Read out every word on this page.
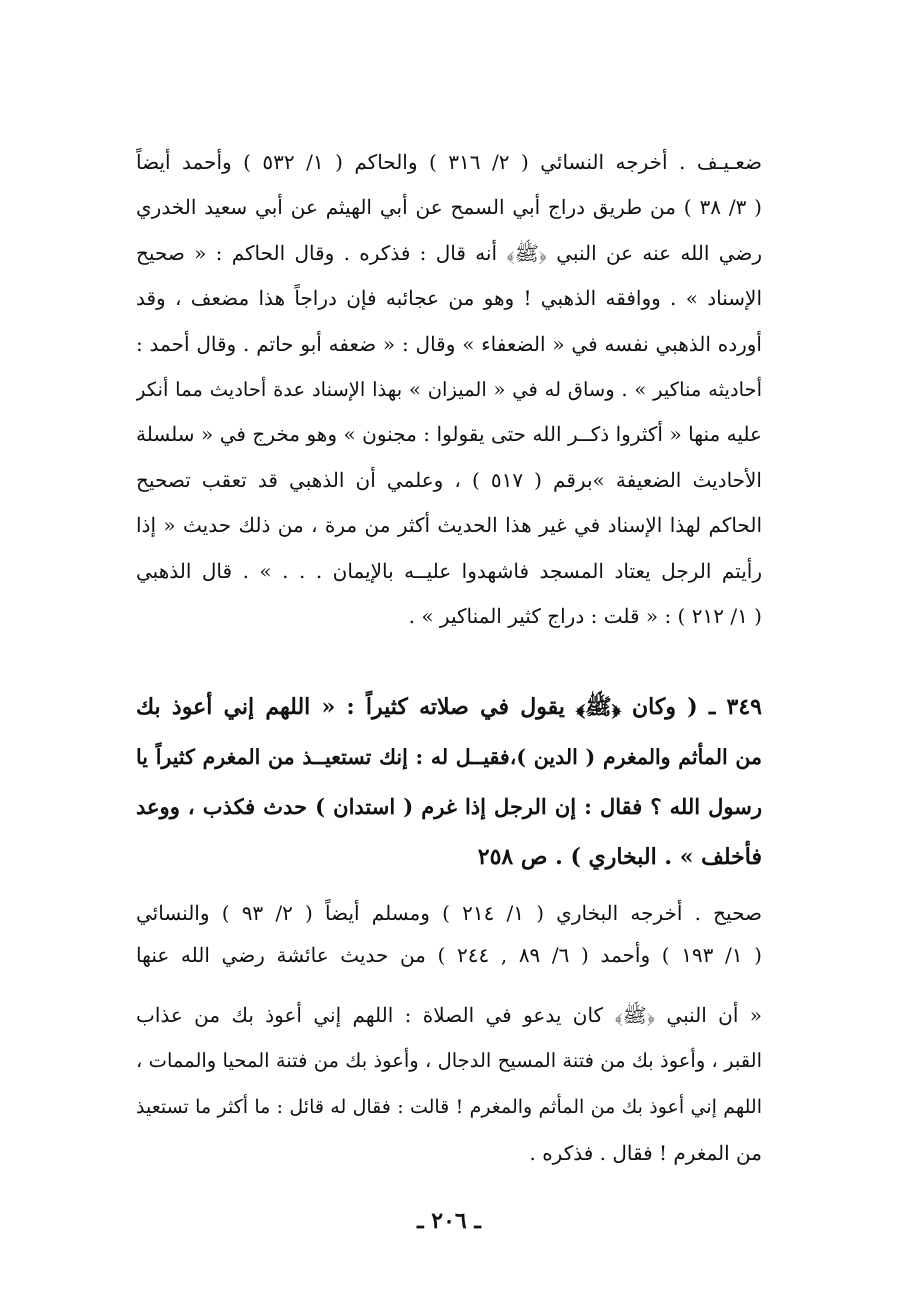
ضعـيـف . أخرجه النسائي ( ٢/ ٣١٦ ) والحاكم ( ١/ ٥٣٢ ) وأحمد أيضاً
( ٣/ ٣٨ ) من طريق دراج أبي السمح عن أبي الهيثم عن أبي سعيد الخدري
رضي الله عنه عن النبي ﴿ﷺ﴾ أنه قال : فذكره . وقال الحاكم : « صحيح
الإسناد » . ووافقه الذهبي ! وهو من عجائبه فإن دراجاً هذا مضعف ، وقد
أورده الذهبي نفسه في « الضعفاء » وقال : « ضعفه أبو حاتم . وقال أحمد :
أحاديثه مناكير » . وساق له في « الميزان » بهذا الإسناد عدة أحاديث مما أنكر
عليه منها « أكثروا ذكــر الله حتى يقولوا : مجنون » وهو مخرج في « سلسلة
الأحاديث الضعيفة »برقم ( ٥١٧ ) ، وعلمي أن الذهبي قد تعقب تصحيح
الحاكم لهذا الإسناد في غير هذا الحديث أكثر من مرة ، من ذلك حديث « إذا
رأيتم الرجل يعتاد المسجد فاشهدوا عليــه بالإيمان . . . » . قال الذهبي
( ١/ ٢١٢ ) : « قلت : دراج كثير المناكير » .
٣٤٩ ـ ( وكان ﴿ﷺ﴾ يقول في صلاته كثيراً : « اللهم إني أعوذ بك
من المأثم والمغرم ( الدين )،فقيــل له : إنك تستعيــذ من المغرم كثيراً يا
رسول الله ؟ فقال : إن الرجل إذا غرم ( استدان ) حدث فكذب ، ووعد
فأخلف » . البخاري ) . ص ٢٥٨
صحيح . أخرجه البخاري ( ١/ ٢١٤ ) ومسلم أيضاً ( ٢/ ٩٣ ) والنسائي
( ١/ ١٩٣ ) وأحمد ( ٦/ ٨٩ , ٢٤٤ ) من حديث عائشة رضي الله عنها
« أن النبي ﴿ﷺ﴾ كان يدعو في الصلاة : اللهم إني أعوذ بك من عذاب
القبر ، وأعوذ بك من فتنة المسيح الدجال ، وأعوذ بك من فتنة المحيا والممات ،
اللهم إني أعوذ بك من المأثم والمغرم ! قالت : فقال له قائل : ما أكثر ما تستعيذ
من المغرم ! فقال . فذكره .
ـ ٢٠٦ ـ
